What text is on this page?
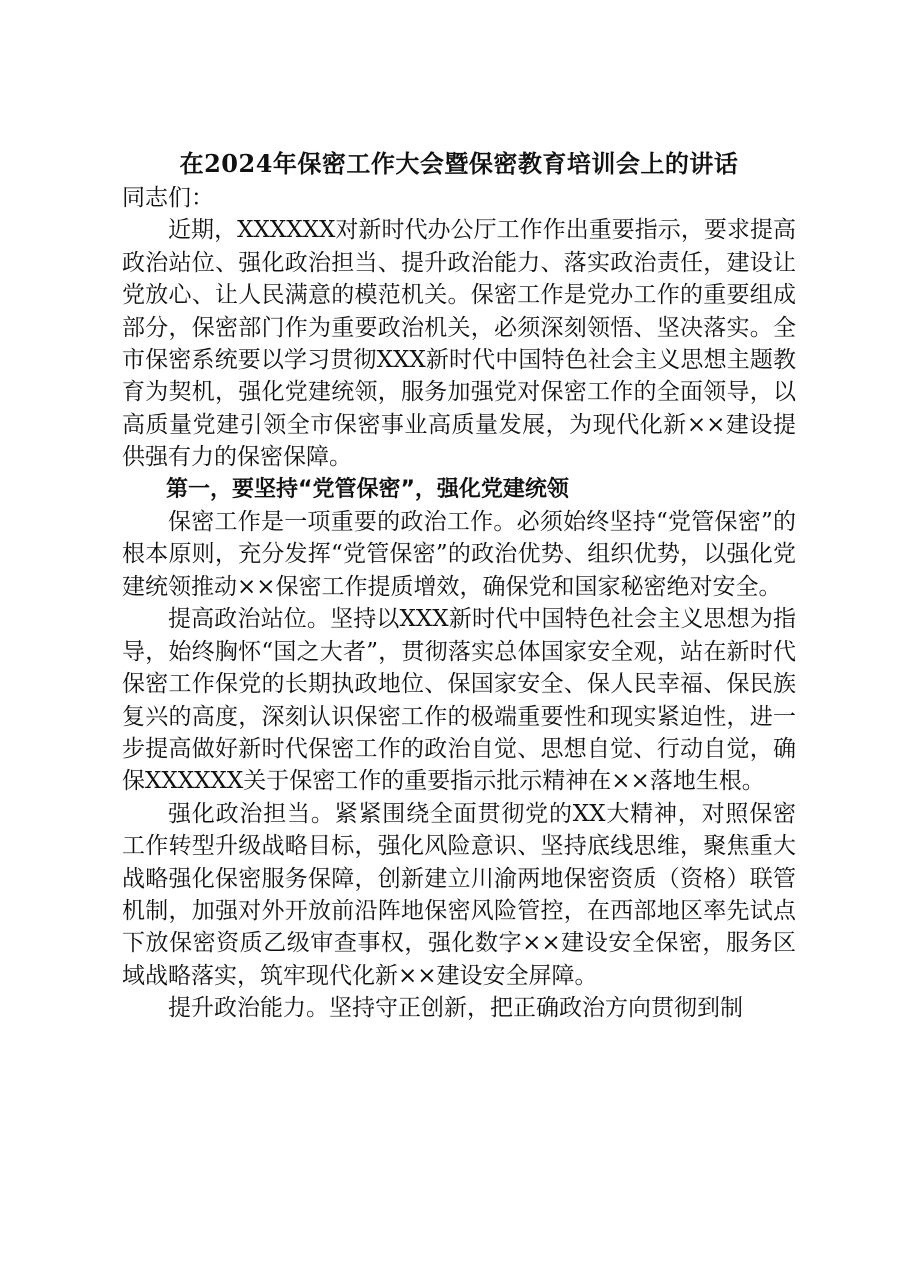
在2024年保密工作大会暨保密教育培训会上的讲话

同志们：

近期，XXXXXX对新时代办公厅工作作出重要指示，要求提高政治站位、强化政治担当、提升政治能力、落实政治责任，建设让党放心、让人民满意的模范机关。保密工作是党办工作的重要组成部分，保密部门作为重要政治机关，必须深刻领悟、坚决落实。全市保密系统要以学习贯彻XXX新时代中国特色社会主义思想主题教育为契机，强化党建统领，服务加强党对保密工作的全面领导，以高质量党建引领全市保密事业高质量发展，为现代化新××建设提供强有力的保密保障。

第一，要坚持“党管保密”，强化党建统领

保密工作是一项重要的政治工作。必须始终坚持“党管保密”的根本原则，充分发挥“党管保密”的政治优势、组织优势，以强化党建统领推动××保密工作提质增效，确保党和国家秘密绝对安全。

提高政治站位。坚持以XXX新时代中国特色社会主义思想为指导，始终胸怀“国之大者”，贯彻落实总体国家安全观，站在新时代保密工作保党的长期执政地位、保国家安全、保人民幸福、保民族复兴的高度，深刻认识保密工作的极端重要性和现实紧迫性，进一步提高做好新时代保密工作的政治自觉、思想自觉、行动自觉，确保XXXXXX关于保密工作的重要指示批示精神在××落地生根。

强化政治担当。紧紧围绕全面贯彻党的XX大精神，对照保密工作转型升级战略目标，强化风险意识、坚持底线思维，聚焦重大战略强化保密服务保障，创新建立川渝两地保密资质（资格）联管机制，加强对外开放前沿阵地保密风险管控，在西部地区率先试点下放保密资质乙级审查事权，强化数字××建设安全保密，服务区域战略落实，筑牢现代化新××建设安全屏障。

提升政治能力。坚持守正创新，把正确政治方向贯彻到制
